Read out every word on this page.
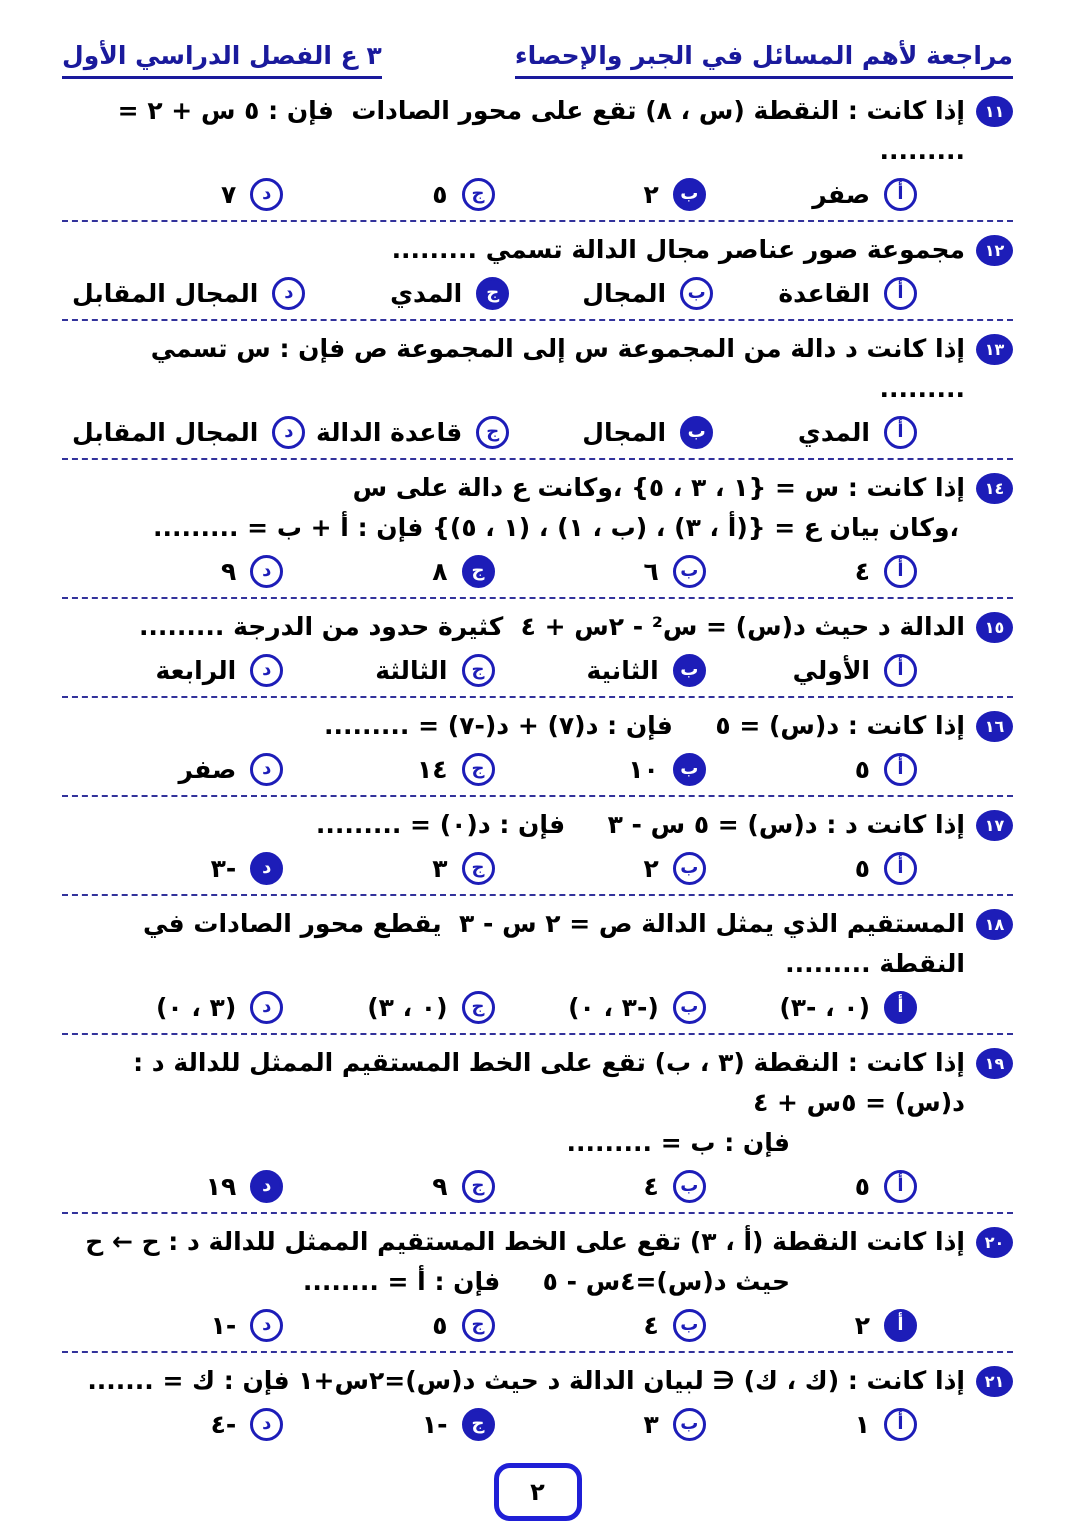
مراجعة لأهم المسائل في الجبر والإحصاء
٣ ع الفصل الدراسي الأول
١١
إذا كانت : النقطة (س ، ٨) تقع على محور الصادات  فإن : ٥ س + ٢ = .........
أ
صفر
ب
٢
ج
٥
د
٧
١٢
مجموعة صور عناصر مجال الدالة تسمي .........
أ
القاعدة
ب
المجال
ج
المدي
د
المجال المقابل
١٣
إذا كانت د دالة من المجموعة س إلى المجموعة ص فإن : س تسمي .........
أ
المدي
ب
المجال
ج
قاعدة الدالة
د
المجال المقابل
١٤
إذا كانت : س = {١ ، ٣ ، ٥} ،وكانت ع دالة على س
،وكان بيان ع = {(أ ، ٣) ، (ب ، ١) ، (١ ، ٥)} فإن : أ + ب = .........
أ
٤
ب
٦
ج
٨
د
٩
١٥
الدالة د حيث د(س) = س² - ٢س + ٤  كثيرة حدود من الدرجة .........
أ
الأولي
ب
الثانية
ج
الثالثة
د
الرابعة
١٦
إذا كانت : د(س) = ٥   فإن : د(٧) + د(-٧) = .........
أ
٥
ب
١٠
ج
١٤
د
صفر
١٧
إذا كانت د : د(س) = ٥ س - ٣   فإن : د(٠) = .........
أ
٥
ب
٢
ج
٣
د
-٣
١٨
المستقيم الذي يمثل الدالة ص = ٢ س - ٣  يقطع محور الصادات في النقطة .........
أ
(٠ ، -٣)
ب
(-٣ ، ٠)
ج
(٠ ، ٣)
د
(٣ ، ٠)
١٩
إذا كانت : النقطة (٣ ، ب) تقع على الخط المستقيم الممثل للدالة د : د(س) = ٥س + ٤
فإن : ب = .........
أ
٥
ب
٤
ج
٩
د
١٩
٢٠
إذا كانت النقطة (أ ، ٣) تقع على الخط المستقيم الممثل للدالة د : ح ← ح
حيث د(س)=٤س - ٥   فإن : أ = ........
أ
٢
ب
٤
ج
٥
د
-١
٢١
إذا كانت : (ك ، ك) ∈ لبيان الدالة د حيث د(س)=٢س+١ فإن : ك = .......
أ
١
ب
٣
ج
-١
د
-٤
٢
